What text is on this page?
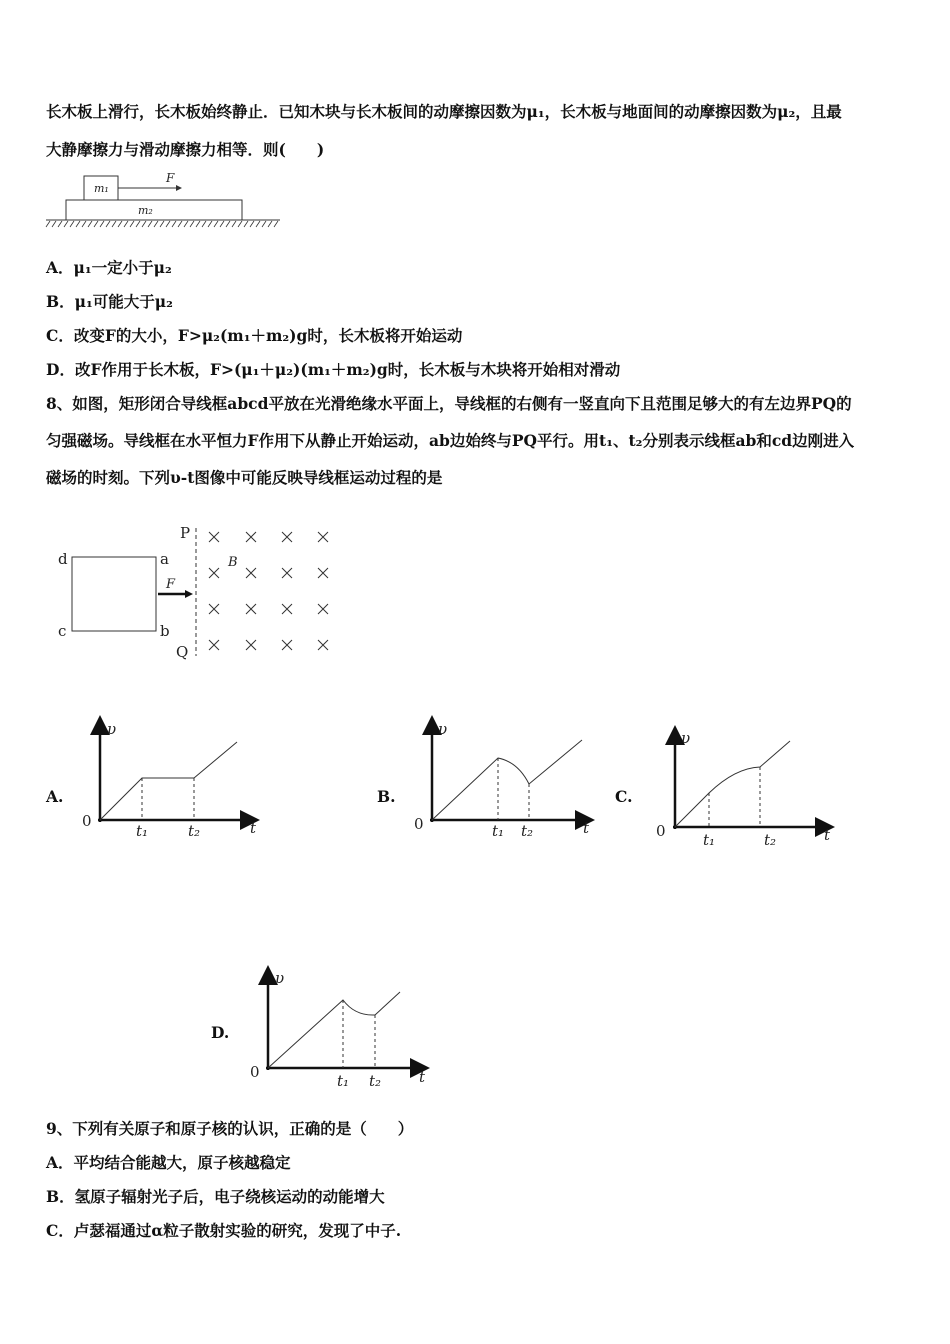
长木板上滑行，长木板始终静止．已知木块与长木板间的动摩擦因数为μ₁，长木板与地面间的动摩擦因数为μ₂，且最
大静摩擦力与滑动摩擦力相等．则(　　)
m₁
F
m₂
A．μ₁一定小于μ₂
B．μ₁可能大于μ₂
C．改变F的大小，F>μ₂(m₁＋m₂)g时，长木板将开始运动
D．改F作用于长木板，F>(μ₁＋μ₂)(m₁＋m₂)g时，长木板与木块将开始相对滑动
8、如图，矩形闭合导线框abcd平放在光滑绝缘水平面上，导线框的右侧有一竖直向下且范围足够大的有左边界PQ的
匀强磁场。导线框在水平恒力F作用下从静止开始运动，ab边始终与PQ平行。用t₁、t₂分别表示线框ab和cd边刚进入
磁场的时刻。下列υ-t图像中可能反映导线框运动过程的是
d	a
c	b
F
P
Q
B
υ
t
0
t₁	t₂
υ
t
0	t₁ t₂
υ
t
0 t₁	t₂
υ
t
0	t₁ t₂
A.	B.	C.
D.
9、下列有关原子和原子核的认识，正确的是（　　）
A．平均结合能越大，原子核越稳定
B．氢原子辐射光子后，电子绕核运动的动能增大
C．卢瑟福通过α粒子散射实验的研究，发现了中子.
